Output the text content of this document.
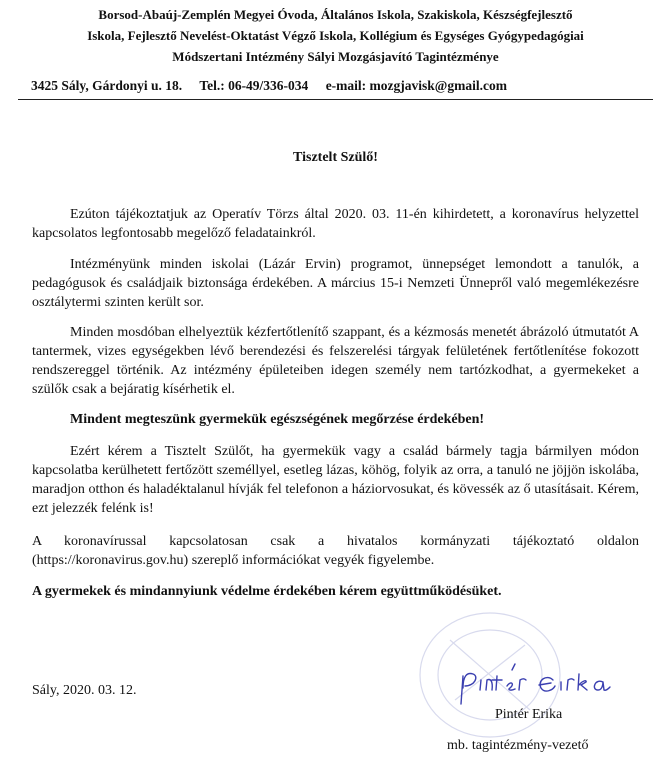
Borsod-Abaúj-Zemplén Megyei Óvoda, Általános Iskola, Szakiskola, Készségfejlesztő
Iskola, Fejlesztő Nevelést-Oktatást Végző Iskola, Kollégium és Egységes Gyógypedagógiai
Módszertani Intézmény Sályi Mozgásjavító Tagintézménye
3425 Sály, Gárdonyi u. 18. Tel.: 06-49/336-034 e-mail: mozgjavisk@gmail.com
Tisztelt Szülő!
Ezúton tájékoztatjuk az Operatív Törzs által 2020. 03. 11-én kihirdetett, a koronavírus helyzettel kapcsolatos legfontosabb megelőző feladatainkról.
Intézményünk minden iskolai (Lázár Ervin) programot, ünnepséget lemondott a tanulók, a pedagógusok és családjaik biztonsága érdekében. A március 15-i Nemzeti Ünnepről való megemlékezésre osztálytermi szinten került sor.
Minden mosdóban elhelyeztük kézfertőtlenítő szappant, és a kézmosás menetét ábrázoló útmutatót A tantermek, vizes egységekben lévő berendezési és felszerelési tárgyak felületének fertőtlenítése fokozott rendszereggel történik. Az intézmény épületeiben idegen személy nem tartózkodhat, a gyermekeket a szülők csak a bejáratig kísérhetik el.
Mindent megteszünk gyermekük egészségének megőrzése érdekében!
Ezért kérem a Tisztelt Szülőt, ha gyermekük vagy a család bármely tagja bármilyen módon kapcsolatba kerülhetett fertőzött személlyel, esetleg lázas, köhög, folyik az orra, a tanuló ne jöjjön iskolába, maradjon otthon és haladéktalanul hívják fel telefonon a háziorvosukat, és kövessék az ő utasításait. Kérem, ezt jelezzék felénk is!
A koronavírussal kapcsolatosan csak a hivatalos kormányzati tájékoztató oldalon (https://koronavirus.gov.hu) szereplő információkat vegyék figyelembe.
A gyermekek és mindannyiunk védelme érdekében kérem együttműködésüket.
Sály, 2020. 03. 12.
Pintér Erika
mb. tagintézmény-vezető
